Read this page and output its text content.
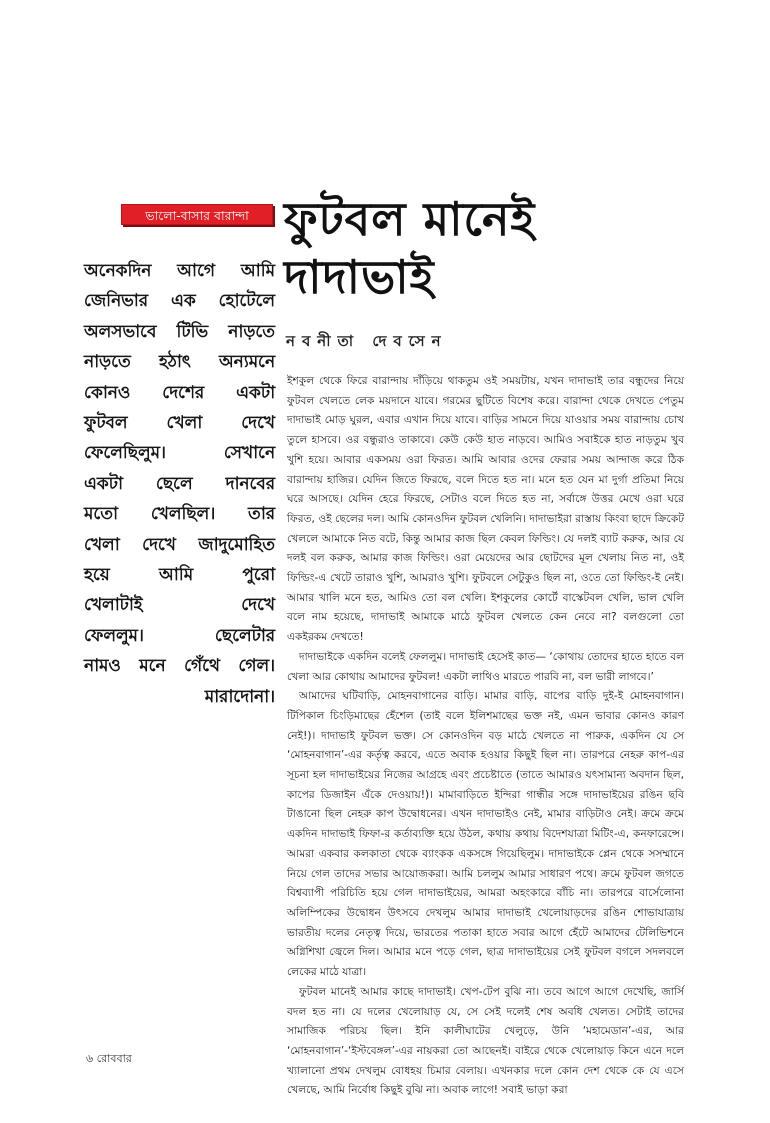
ভালো-বাসার বারান্দা
অনেকদিন আগে আমি
জেনিভার এক হোটেলে
অলসভাবে টিভি নাড়তে
নাড়তে হঠাৎ অন্যমনে
কোনও দেশের একটা
ফুটবল খেলা দেখে
ফেলেছিলুম। সেখানে
একটা ছেলে দানবের
মতো খেলছিল। তার
খেলা দেখে জাদুমোহিত
হয়ে আমি পুরো
খেলাটাই দেখে
ফেললুম। ছেলেটার
নামও মনে গেঁথে গেল।
মারাদোনা।
ফুটবল মানেই
দাদাভাই
নবনীতা দেবসেন

ইশকুল থেকে ফিরে বারান্দায় দাঁড়িয়ে থাকতুম ওই সময়টায়, যখন দাদাভাই তার বন্ধুদের নিয়ে ফুটবল খেলতে লেক ময়দানে যাবে। গরমের ছুটিতে বিশেষ করে। বারান্দা থেকে দেখতে পেতুম দাদাভাই মোড় ঘুরল, এবার এখান দিয়ে যাবে। বাড়ির সামনে দিয়ে যাওয়ার সময় বারান্দায় চোখ তুলে হাসবে। ওর বন্ধুরাও তাকাবে। কেউ কেউ হাত নাড়বে। আমিও সবাইকে হাত নাড়তুম খুব খুশি হয়ে। আবার একসময় ওরা ফিরত। আমি আবার ওদের ফেরার সময় আন্দাজ করে ঠিক বারান্দায় হাজির। যেদিন জিতে ফিরছে, বলে দিতে হত না। মনে হত যেন মা দুর্গা প্রতিমা নিয়ে ঘরে আসছে। যেদিন হেরে ফিরছে, সেটাও বলে দিতে হত না, সর্বাঙ্গে উত্তর মেখে ওরা ঘরে ফিরত, ওই ছেলের দল। আমি কোনওদিন ফুটবল খেলিনি। দাদাভাইরা রাস্তায় কিংবা ছাদে ক্রিকেট খেললে আমাকে নিত বটে, কিন্তু আমার কাজ ছিল কেবল ফিল্ডিং। যে দলই ব্যাট করুক, আর যে দলই বল করুক, আমার কাজ ফিল্ডিং। ওরা মেয়েদের আর ছোটদের মূল খেলায় নিত না, ওই ফিল্ডিং-এ খেটে তারাও খুশি, আমরাও খুশি। ফুটবলে সেটুকুও ছিল না, ওতে তো ফিল্ডিং-ই নেই। আমার খালি মনে হত, আমিও তো বল খেলি। ইশকুলের কোর্টে বাস্কেটবল খেলি, ভাল খেলি বলে নাম হয়েছে, দাদাভাই আমাকে মাঠে ফুটবল খেলতে কেন নেবে না? বলগুলো তো একইরকম দেখতে!

দাদাভাইকে একদিন বলেই ফেললুম। দাদাভাই হেসেই কাত— ‘কোথায় তোদের হাতে হাতে বল খেলা আর কোথায় আমাদের ফুটবল! একটা লাথিও মারতে পারবি না, বল ভারী লাগবে।’

আমাদের ঘটিবাড়ি, মোহনবাগানের বাড়ি। মামার বাড়ি, বাপের বাড়ি দুই-ই মোহনবাগান। টিপিকাল চিংড়িমাছের হেঁশেল (তাই বলে ইলিশমাছের ভক্ত নই, এমন ভাবার কোনও কারণ নেই!)। দাদাভাই ফুটবল ভক্ত। সে কোনওদিন বড় মাঠে খেলতে না পারুক, একদিন যে সে ‘মোহনবাগান’-এর কর্তৃত্ব করবে, এতে অবাক হওয়ার কিছুই ছিল না। তারপরে নেহরু কাপ-এর সূচনা হল দাদাভাইয়ের নিজের আগ্রহে এবং প্রচেষ্টাতে (তাতে আমারও যৎসামান্য অবদান ছিল, কাপের ডিজাইন এঁকে দেওয়ায়!)। মামাবাড়িতে ইন্দিরা গান্ধীর সঙ্গে দাদাভাইয়ের রঙিন ছবি টাঙানো ছিল নেহরু কাপ উদ্বোধনের। এখন দাদাভাইও নেই, মামার বাড়িটাও নেই। ক্রমে ক্রমে একদিন দাদাভাই ফিফা-র কর্তাব্যক্তি হয়ে উঠল, কথায় কথায় বিদেশযাত্রা মিটিং-এ, কনফারেন্সে। আমরা একবার কলকাতা থেকে ব্যাংকক একসঙ্গে গিয়েছিলুম। দাদাভাইকে প্লেন থেকে সসম্মানে নিয়ে গেল তাদের সভার আয়োজকরা। আমি চললুম আমার সাধারণ পথে। ক্রমে ফুটবল জগতে বিশ্বব্যাপী পরিচিতি হয়ে গেল দাদাভাইয়ের, আমরা অহংকারে বাঁচি না। তারপরে বার্সেলোনা অলিম্পিকের উদ্বোধন উৎসবে দেখলুম আমার দাদাভাই খেলোয়াড়দের রঙিন শোভাযাত্রায় ভারতীয় দলের নেতৃত্ব দিয়ে, ভারতের পতাকা হাতে সবার আগে হেঁটে আমাদের টেলিভিশনে অগ্নিশিখা জ্বেলে দিল। আমার মনে পড়ে গেল, ছাত্র দাদাভাইয়ের সেই ফুটবল বগলে সদলবলে লেকের মাঠে যাত্রা।

ফুটবল মানেই আমার কাছে দাদাভাই। খেপ-টেপ বুঝি না। তবে আগে আগে দেখেছি, জার্সি বদল হত না। যে দলের খেলোয়াড় যে, সে সেই দলেই শেষ অবধি খেলত। সেটাই তাদের সামাজিক পরিচয় ছিল। ইনি কালীঘাটের খেলুড়ে, উনি ‘মহামেডান’-এর, আর ‘মোহনবাগান’-‘ইস্টবেঙ্গল’-এর নায়করা তো আছেনই। বাইরে থেকে খেলোয়াড় কিনে এনে দলে খ্যালানো প্রথম দেখলুম বোধহয় চিমার বেলায়। এখনকার দলে কোন দেশ থেকে কে যে এসে খেলছে, আমি নির্বোধ কিছুই বুঝি না। অবাক লাগে! সবাই ভাড়া করা

৬ রোববার
